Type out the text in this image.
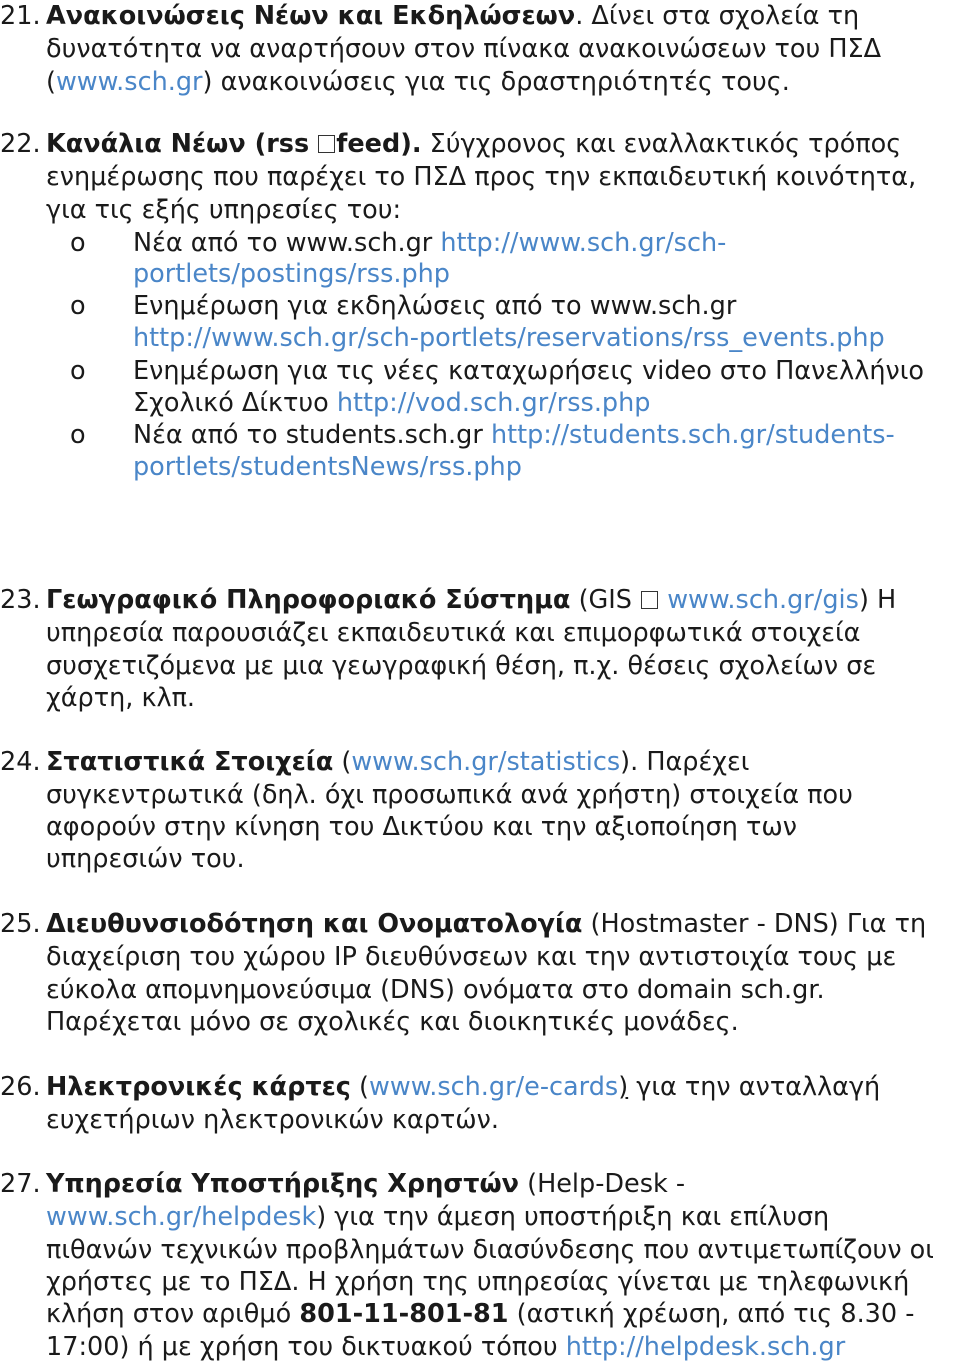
21. Ανακοινώσεις Νέων και Εκδηλώσεων. Δίνει στα σχολεία τη
δυνατότητα να αναρτήσουν στον πίνακα ανακοινώσεων του ΠΣΔ
(www.sch.gr) ανακοινώσεις για τις δραστηριότητές τους.
22. Κανάλια Νέων (rss feed). Σύγχρονος και εναλλακτικός τρόπος
ενημέρωσης που παρέχει το ΠΣΔ προς την εκπαιδευτική κοινότητα,
για τις εξής υπηρεσίες του:
o Νέα από το www.sch.gr http://www.sch.gr/sch-
portlets/postings/rss.php
o Ενημέρωση για εκδηλώσεις από το www.sch.gr
http://www.sch.gr/sch-portlets/reservations/rss_events.php
o Ενημέρωση για τις νέες καταχωρήσεις video στο Πανελλήνιο
Σχολικό Δίκτυο http://vod.sch.gr/rss.php
o Νέα από το students.sch.gr http://students.sch.gr/students-
portlets/studentsNews/rss.php
23. Γεωγραφικό Πληροφοριακό Σύστημα (GIS www.sch.gr/gis) Η
υπηρεσία παρουσιάζει εκπαιδευτικά και επιμορφωτικά στοιχεία
συσχετιζόμενα με μια γεωγραφική θέση, π.χ. θέσεις σχολείων σε
χάρτη, κλπ.
24. Στατιστικά Στοιχεία (www.sch.gr/statistics). Παρέχει
συγκεντρωτικά (δηλ. όχι προσωπικά ανά χρήστη) στοιχεία που
αφορούν στην κίνηση του Δικτύου και την αξιοποίηση των
υπηρεσιών του.
25. Διευθυνσιοδότηση και Ονοματολογία (Hostmaster - DNS) Για τη
διαχείριση του χώρου IP διευθύνσεων και την αντιστοιχία τους με
εύκολα απομνημονεύσιμα (DNS) ονόματα στο domain sch.gr.
Παρέχεται μόνο σε σχολικές και διοικητικές μονάδες.
26. Ηλεκτρονικές κάρτες (www.sch.gr/e-cards) για την ανταλλαγή
ευχετήριων ηλεκτρονικών καρτών.
27. Υπηρεσία Υποστήριξης Χρηστών (Help-Desk -
www.sch.gr/helpdesk) για την άμεση υποστήριξη και επίλυση
πιθανών τεχνικών προβλημάτων διασύνδεσης που αντιμετωπίζουν οι
χρήστες με το ΠΣΔ. Η χρήση της υπηρεσίας γίνεται με τηλεφωνική
κλήση στον αριθμό 801-11-801-81 (αστική χρέωση, από τις 8.30 -
17:00) ή με χρήση του δικτυακού τόπου http://helpdesk.sch.gr
